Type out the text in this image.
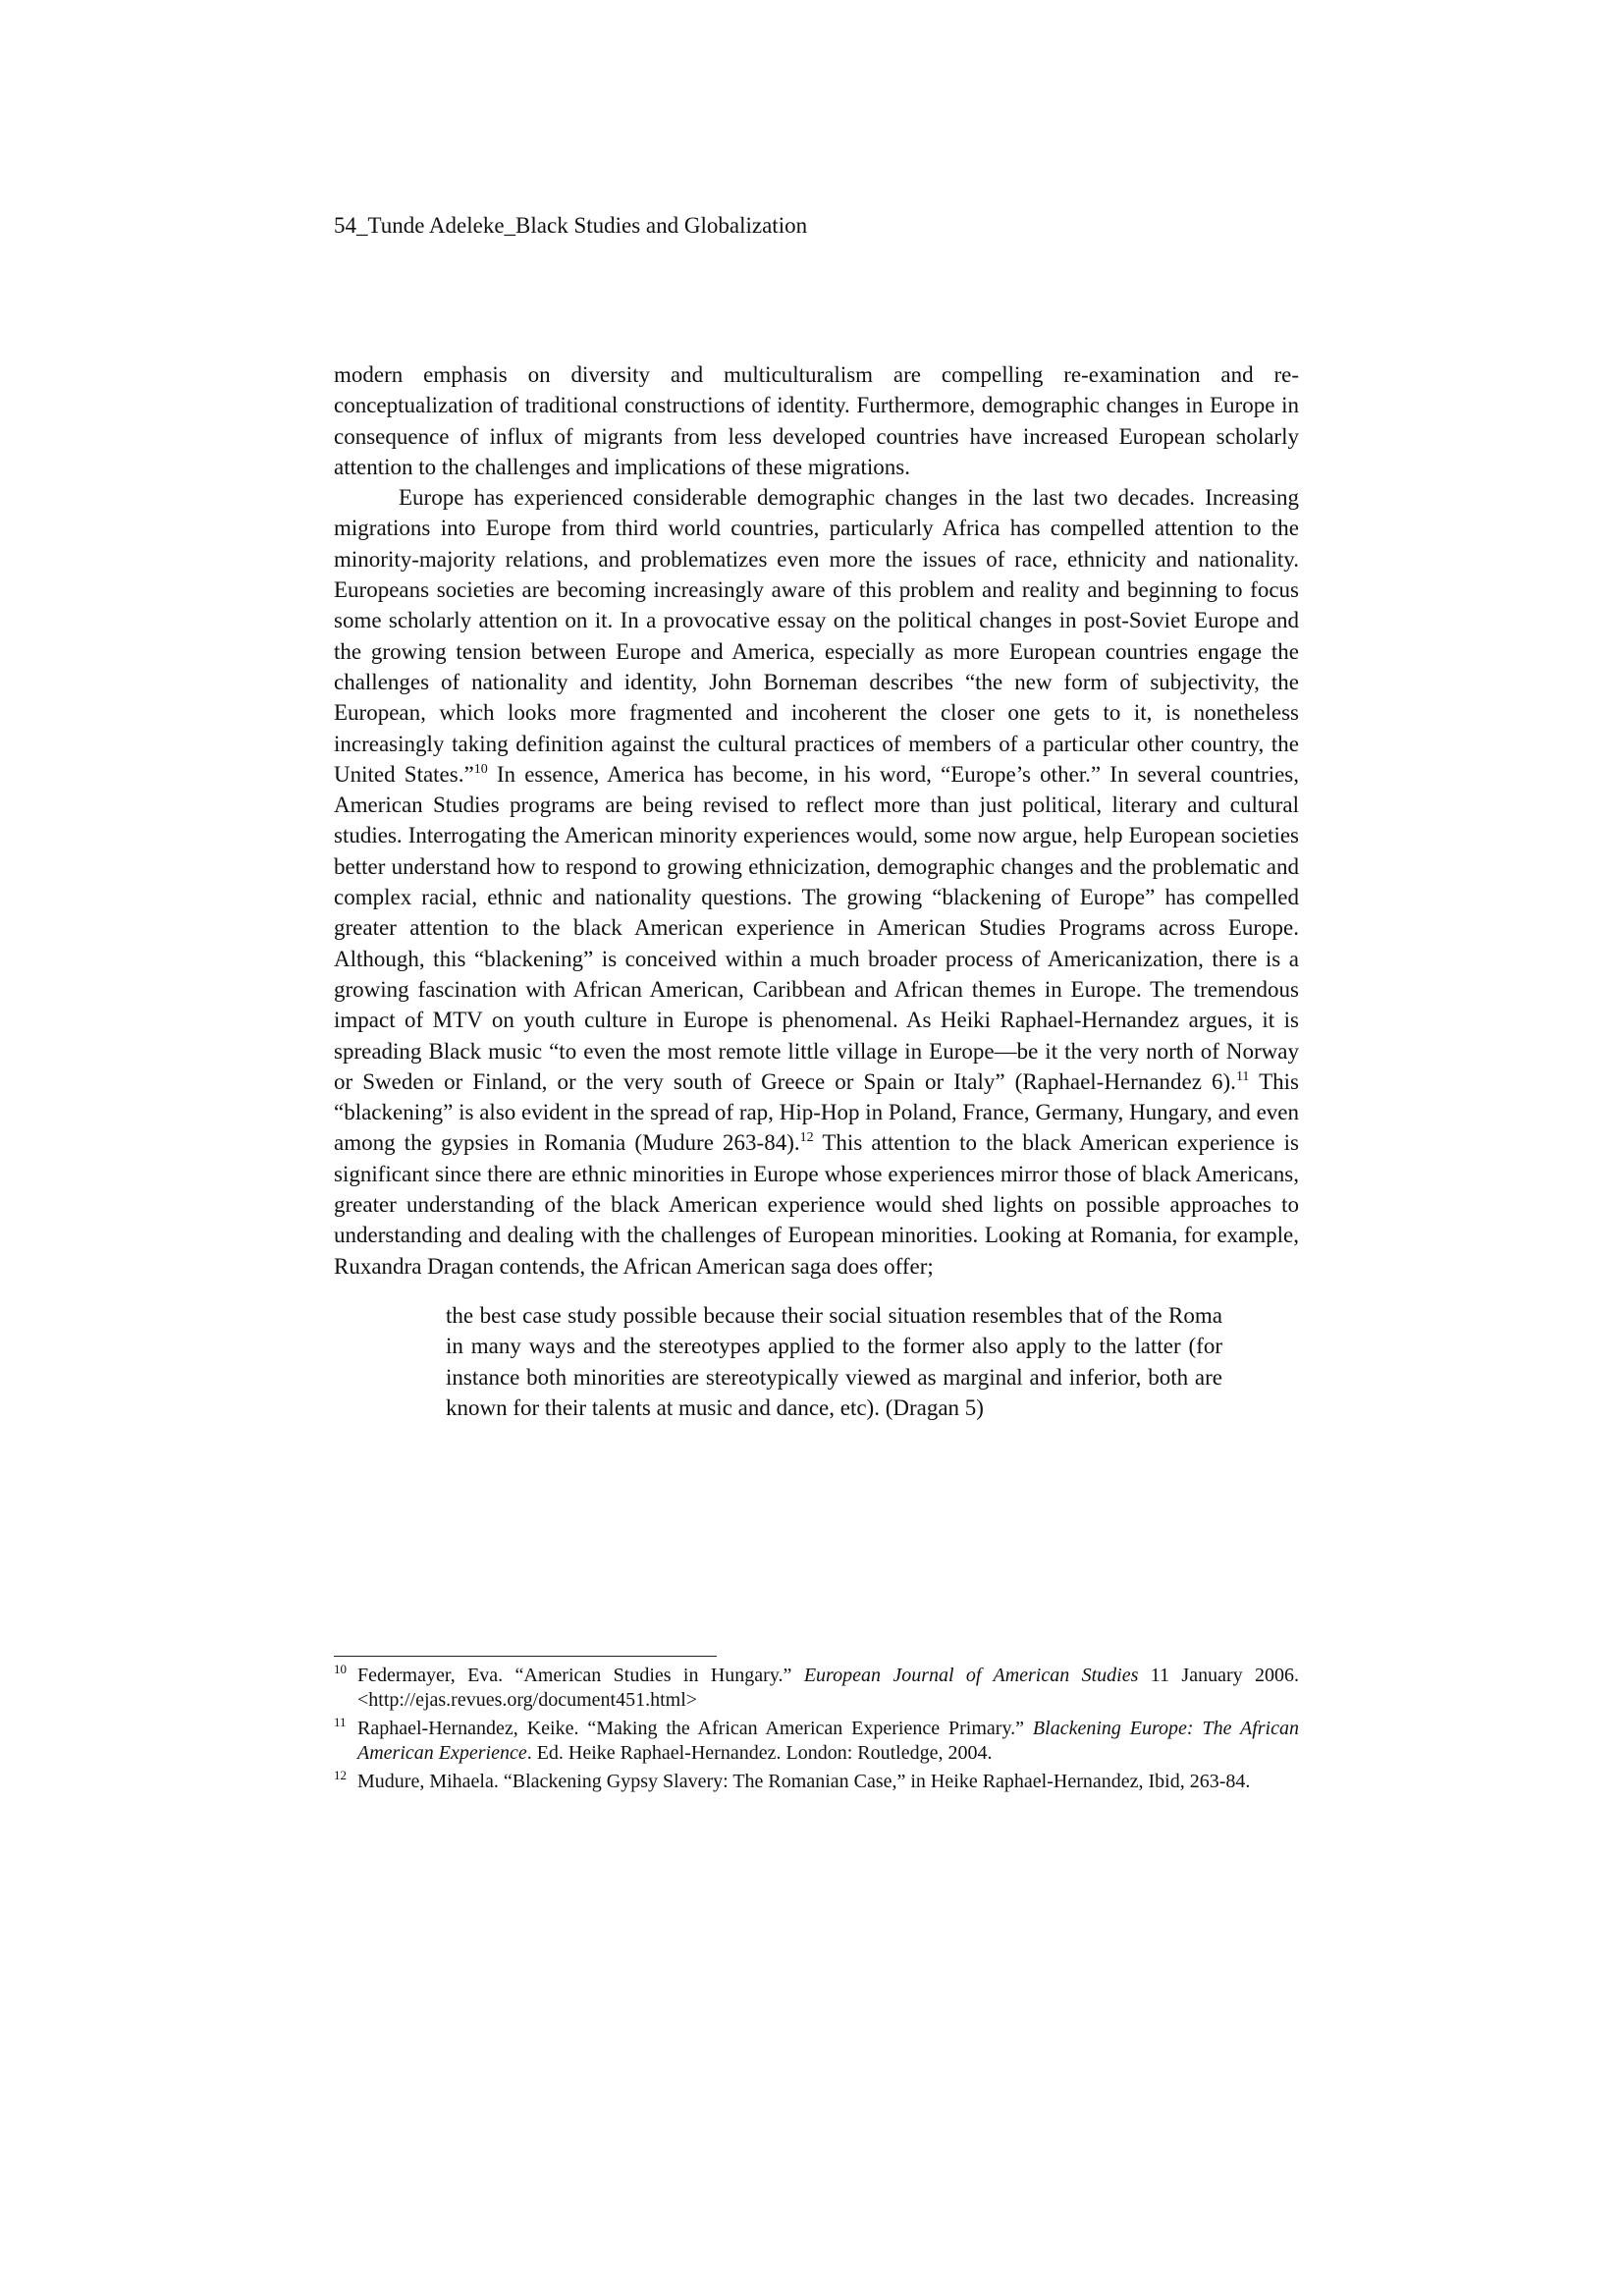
54_Tunde Adeleke_Black Studies and Globalization

modern emphasis on diversity and multiculturalism are compelling re-examination and re-conceptualization of traditional constructions of identity. Furthermore, demographic changes in Europe in consequence of influx of migrants from less developed countries have increased European scholarly attention to the challenges and implications of these migrations.

Europe has experienced considerable demographic changes in the last two decades. Increasing migrations into Europe from third world countries, particularly Africa has compelled attention to the minority-majority relations, and problematizes even more the issues of race, ethnicity and nationality. Europeans societies are becoming increasingly aware of this problem and reality and beginning to focus some scholarly attention on it. In a provocative essay on the political changes in post-Soviet Europe and the growing tension between Europe and America, especially as more European countries engage the challenges of nationality and identity, John Borneman describes “the new form of subjectivity, the European, which looks more fragmented and incoherent the closer one gets to it, is nonetheless increasingly taking definition against the cultural practices of members of a particular other country, the United States.”$^{10}$ In essence, America has become, in his word, “Europe’s other.” In several countries, American Studies programs are being revised to reflect more than just political, literary and cultural studies. Interrogating the American minority experiences would, some now argue, help European societies better understand how to respond to growing ethnicization, demographic changes and the problematic and complex racial, ethnic and nationality questions. The growing “blackening of Europe” has compelled greater attention to the black American experience in American Studies Programs across Europe. Although, this “blackening” is conceived within a much broader process of Americanization, there is a growing fascination with African American, Caribbean and African themes in Europe. The tremendous impact of MTV on youth culture in Europe is phenomenal. As Heiki Raphael-Hernandez argues, it is spreading Black music “to even the most remote little village in Europe—be it the very north of Norway or Sweden or Finland, or the very south of Greece or Spain or Italy” (Raphael-Hernandez 6).$^{11}$ This “blackening” is also evident in the spread of rap, Hip-Hop in Poland, France, Germany, Hungary, and even among the gypsies in Romania (Mudure 263-84).$^{12}$ This attention to the black American experience is significant since there are ethnic minorities in Europe whose experiences mirror those of black Americans, greater understanding of the black American experience would shed lights on possible approaches to understanding and dealing with the challenges of European minorities. Looking at Romania, for example, Ruxandra Dragan contends, the African American saga does offer;

the best case study possible because their social situation resembles that of the Roma in many ways and the stereotypes applied to the former also apply to the latter (for instance both minorities are stereotypically viewed as marginal and inferior, both are known for their talents at music and dance, etc). (Dragan 5)

$^{10}$ Federmayer, Eva. “American Studies in Hungary.” European Journal of American Studies 11 January 2006. <http://ejas.revues.org/document451.html>

$^{11}$ Raphael-Hernandez, Keike. “Making the African American Experience Primary.” Blackening Europe: The African American Experience. Ed. Heike Raphael-Hernandez. London: Routledge, 2004.

$^{12}$ Mudure, Mihaela. “Blackening Gypsy Slavery: The Romanian Case,” in Heike Raphael-Hernandez, Ibid, 263-84.
